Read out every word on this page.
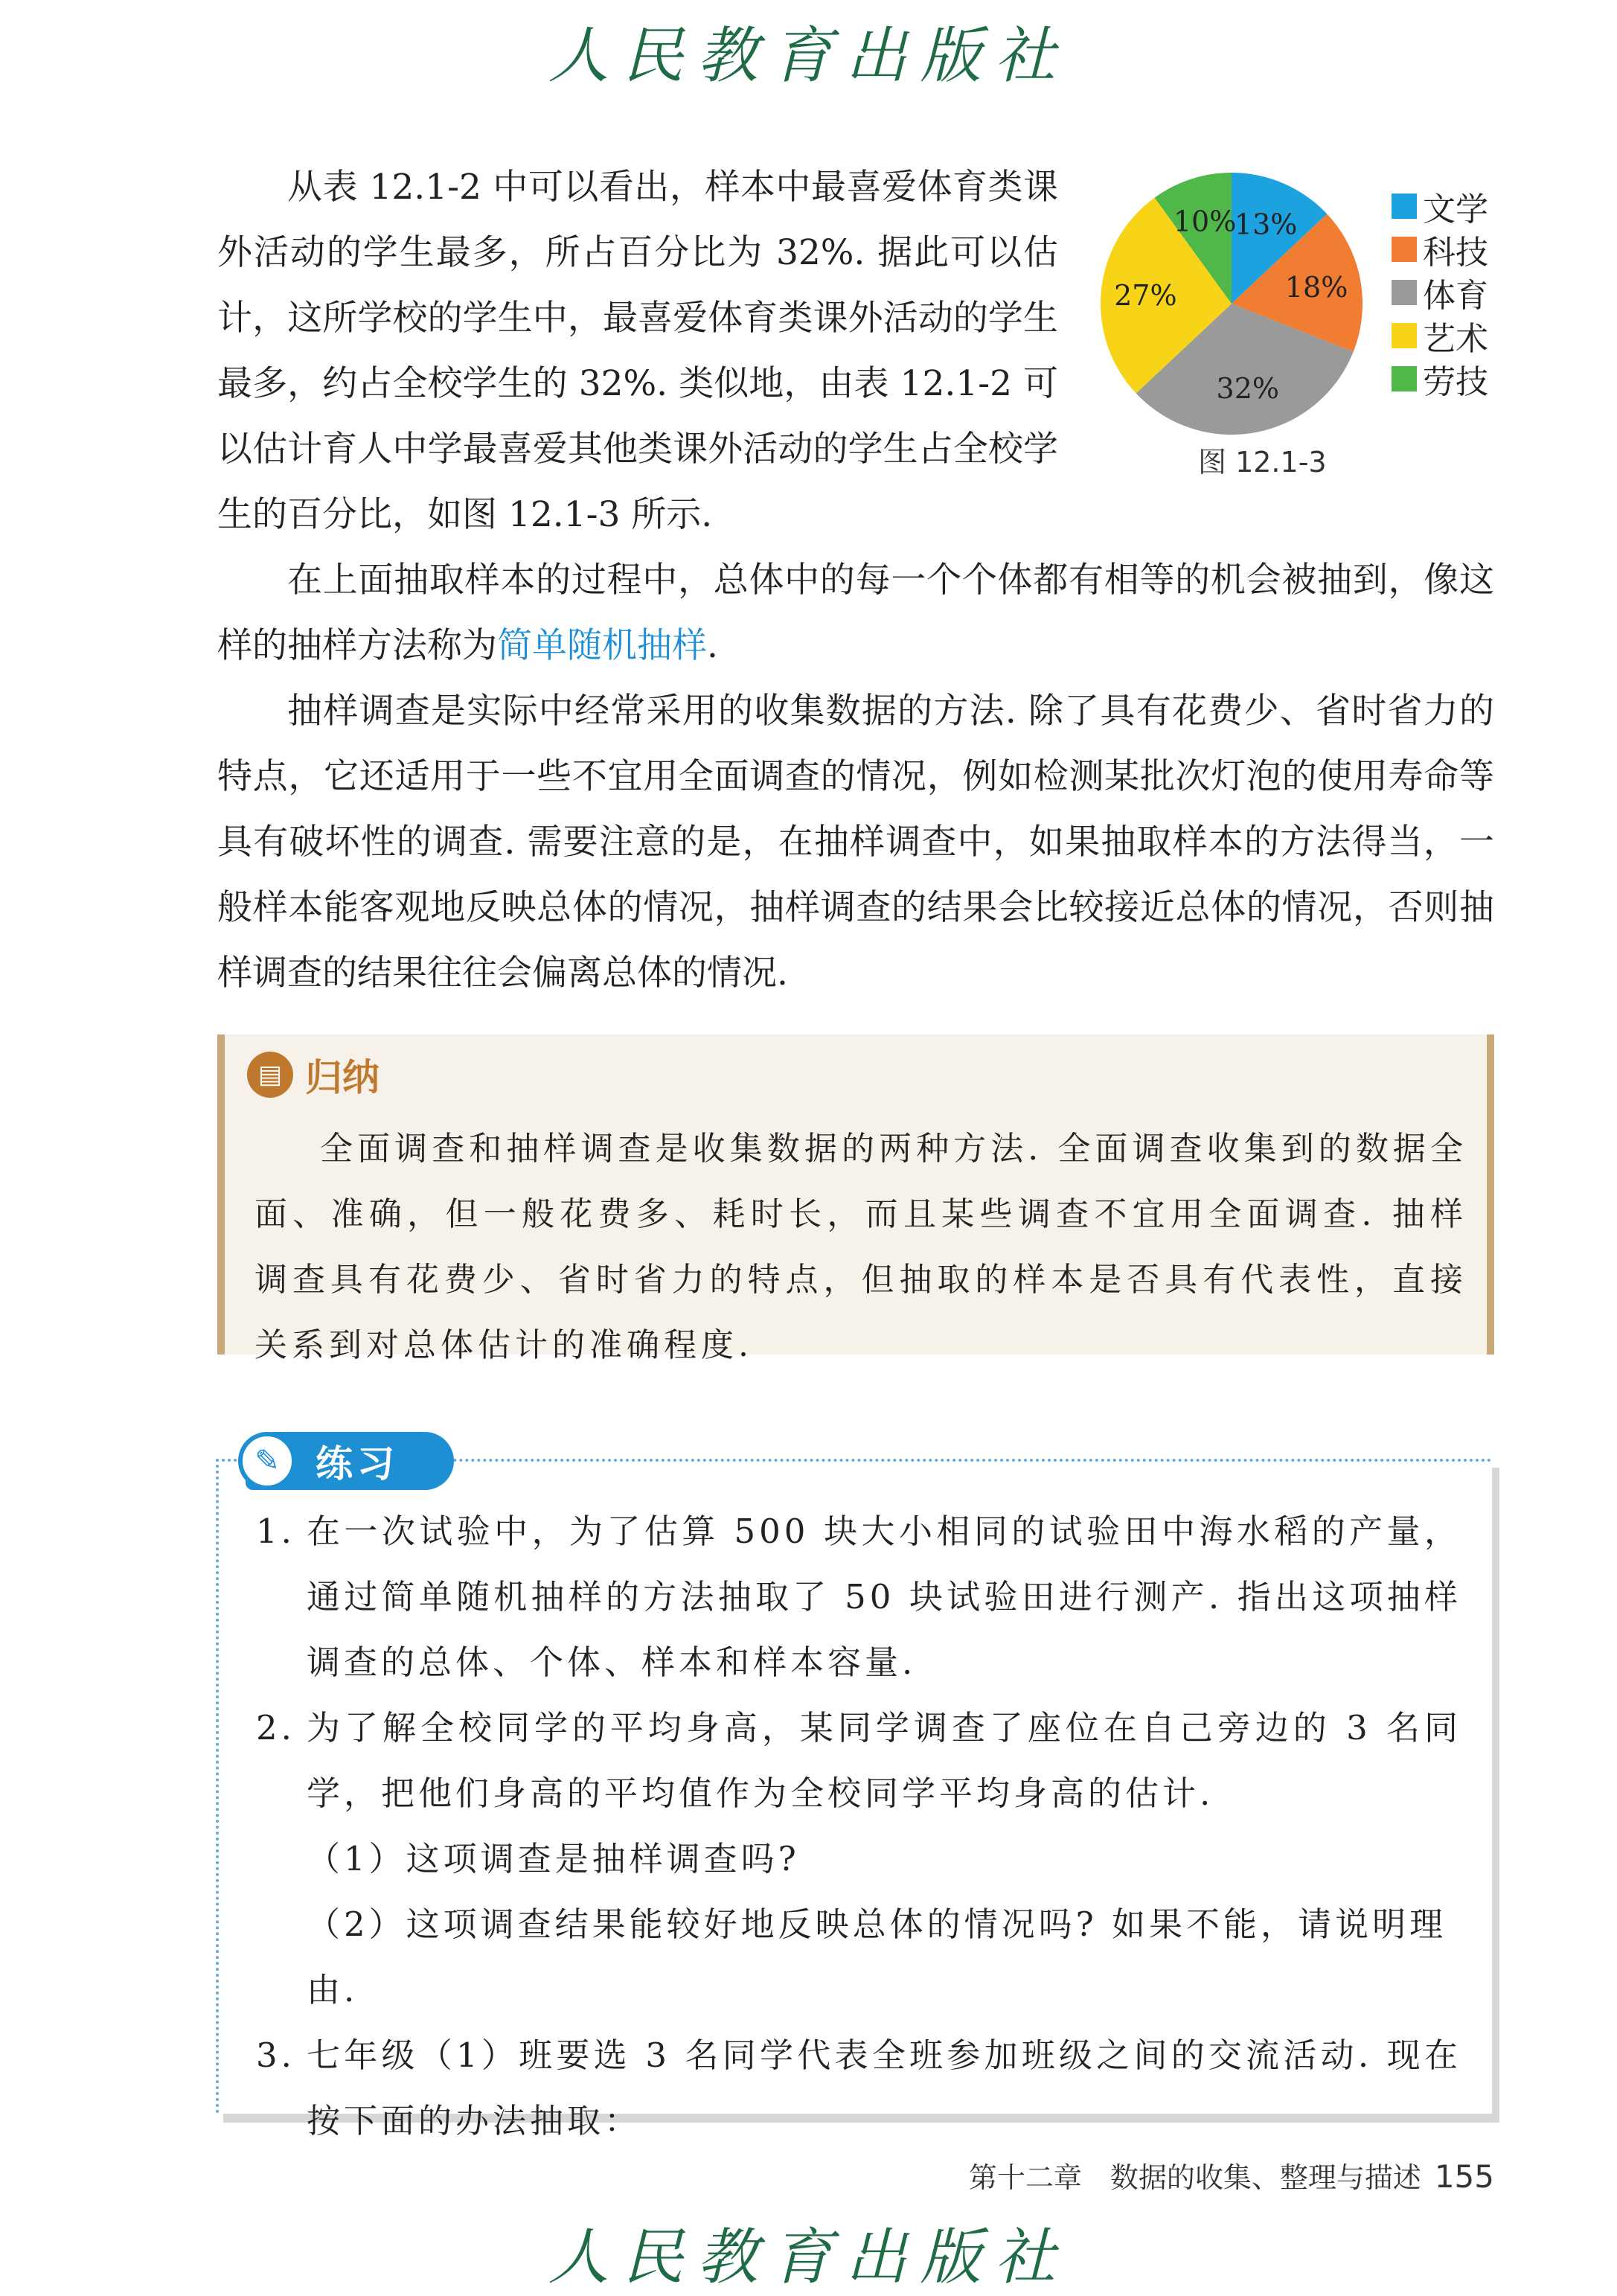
人民教育出版社

从表 12.1-2 中可以看出，样本中最喜爱体育类课外活动的学生最多，所占百分比为 32%. 据此可以估计，这所学校的学生中，最喜爱体育类课外活动的学生最多，约占全校学生的 32%. 类似地，由表 12.1-2 可以估计育人中学最喜爱其他类课外活动的学生占全校学生的百分比，如图 12.1-3 所示.

13%
18%
32%
27%
10%	文学
科技
体育
艺术
劳技
图 12.1-3

在上面抽取样本的过程中，总体中的每一个个体都有相等的机会被抽到，像这样的抽样方法称为简单随机抽样.

抽样调查是实际中经常采用的收集数据的方法. 除了具有花费少、省时省力的特点，它还适用于一些不宜用全面调查的情况，例如检测某批次灯泡的使用寿命等具有破坏性的调查. 需要注意的是，在抽样调查中，如果抽取样本的方法得当，一般样本能客观地反映总体的情况，抽样调查的结果会比较接近总体的情况，否则抽样调查的结果往往会偏离总体的情况.

▤ 归纳

全面调查和抽样调查是收集数据的两种方法. 全面调查收集到的数据全面、准确，但一般花费多、耗时长，而且某些调查不宜用全面调查. 抽样调查具有花费少、省时省力的特点，但抽取的样本是否具有代表性，直接关系到对总体估计的准确程度.

✎ 练习
1. 在一次试验中，为了估算 500 块大小相同的试验田中海水稻的产量，通过简单随机抽样的方法抽取了 50 块试验田进行测产. 指出这项抽样调查的总体、个体、样本和样本容量.
2. 为了解全校同学的平均身高，某同学调查了座位在自己旁边的 3 名同学，把他们身高的平均值作为全校同学平均身高的估计.
（1）这项调查是抽样调查吗?
（2）这项调查结果能较好地反映总体的情况吗? 如果不能，请说明理由.
3. 七年级（1）班要选 3 名同学代表全班参加班级之间的交流活动. 现在按下面的办法抽取：
第十二章　数据的收集、整理与描述 155
人民教育出版社
